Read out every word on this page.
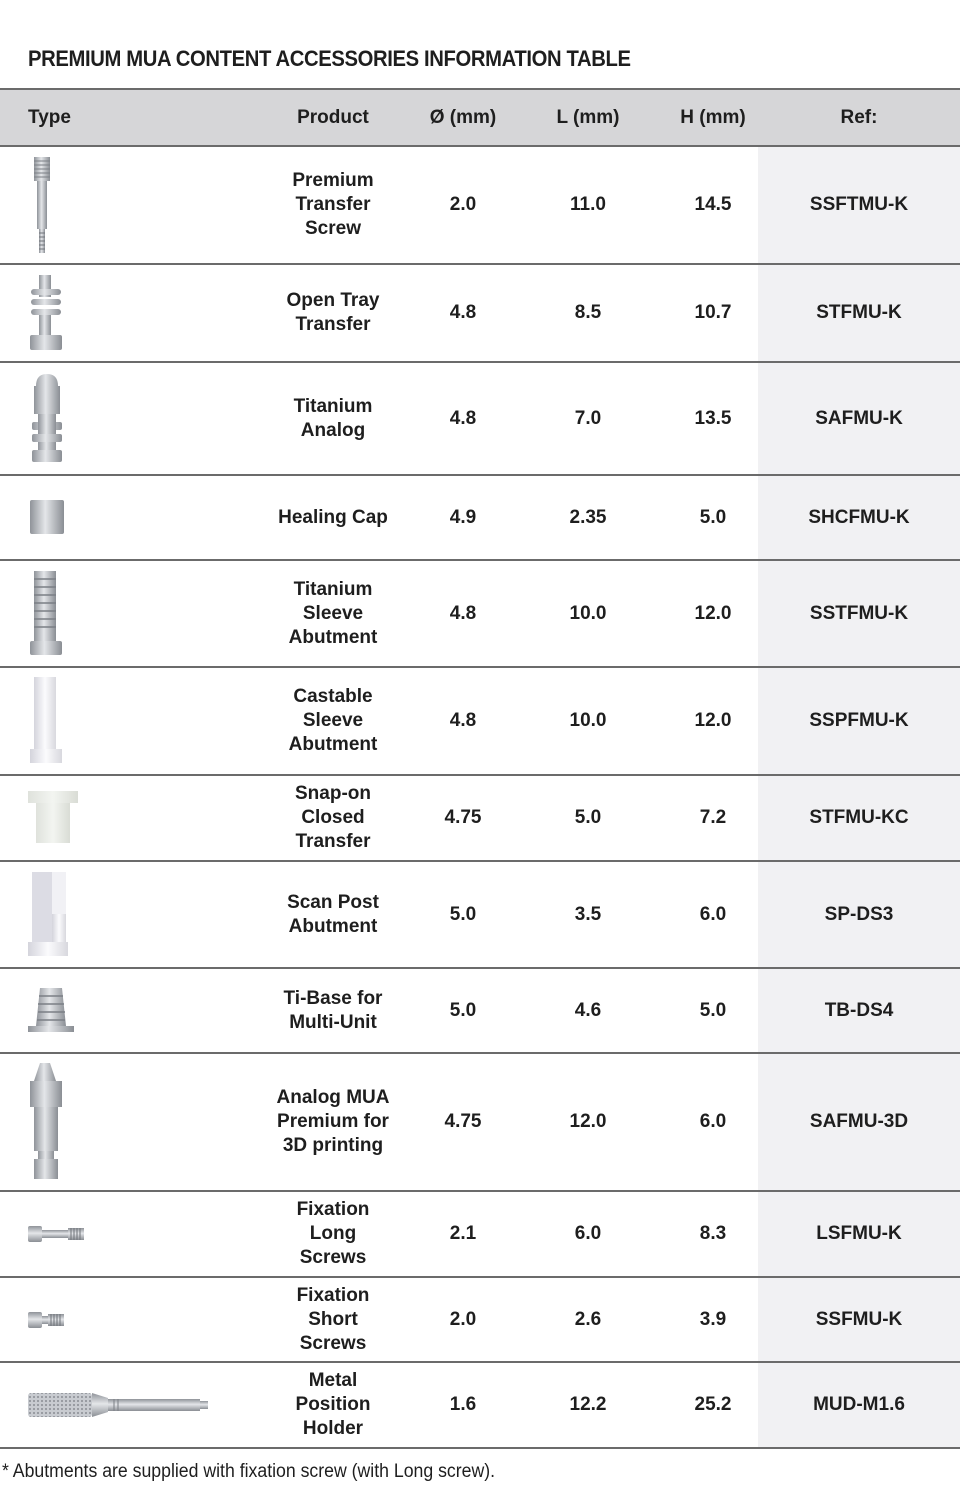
PREMIUM MUA CONTENT ACCESSORIES INFORMATION TABLE
Type	Product	Ø (mm)	L (mm)	H (mm)	Ref:

	Premium
Transfer
Screw	2.0	11.0	14.5	SSFTMU-K

	Open Tray
Transfer	4.8	8.5	10.7	STFMU-K

	Titanium
Analog	4.8	7.0	13.5	SAFMU-K

	Healing Cap	4.9	2.35	5.0	SHCFMU-K

	Titanium
Sleeve
Abutment	4.8	10.0	12.0	SSTFMU-K

	Castable
Sleeve
Abutment	4.8	10.0	12.0	SSPFMU-K

	Snap-on
Closed
Transfer	4.75	5.0	7.2	STFMU-KC

	Scan Post
Abutment	5.0	3.5	6.0	SP-DS3

	Ti-Base for
Multi-Unit	5.0	4.6	5.0	TB-DS4

	Analog MUA
Premium for
3D printing	4.75	12.0	6.0	SAFMU-3D

	Fixation
Long
Screws	2.1	6.0	8.3	LSFMU-K

	Fixation
Short
Screws	2.0	2.6	3.9	SSFMU-K

	Metal
Position
Holder	1.6	12.2	25.2	MUD-M1.6
* Abutments are supplied with fixation screw (with Long screw).
